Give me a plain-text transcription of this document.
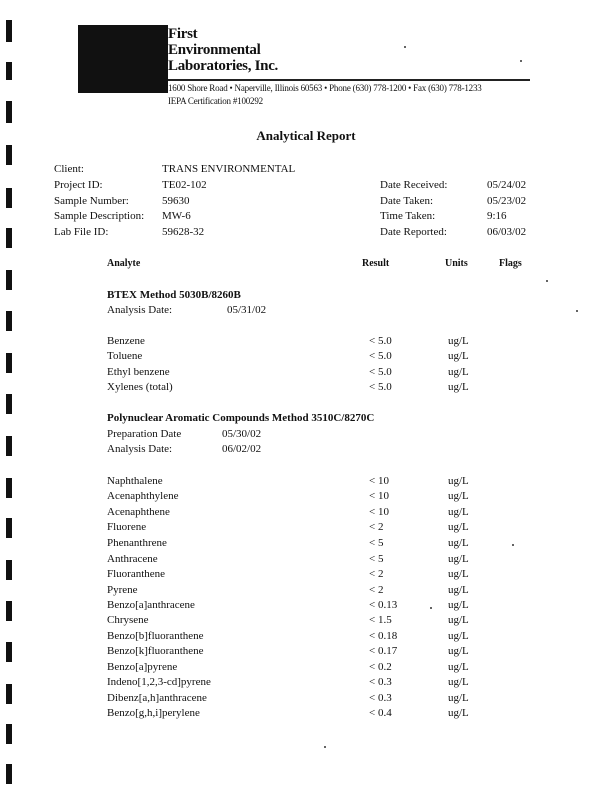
First
Environmental
Laboratories, Inc.
1600 Shore Road • Naperville, Illinois 60563 • Phone (630) 778-1200 • Fax (630) 778-1233
IEPA Certification #100292
Analytical Report
Client:	TRANS ENVIRONMENTAL
Project ID:	TE02-102
Sample Number:	59630
Sample Description: MW-6
Lab File ID:	59628-32
Date Received:	05/24/02
Date Taken:	05/23/02
Time Taken:	9:16
Date Reported:	06/03/02
Analyte	Result	Units	Flags
BTEX Method 5030B/8260B
Analysis Date:	05/31/02
Benzene	< 5.0	ug/L
Toluene	< 5.0	ug/L
Ethyl benzene	< 5.0	ug/L
Xylenes (total)	< 5.0	ug/L
Polynuclear Aromatic Compounds Method 3510C/8270C
Preparation Date	05/30/02
Analysis Date:	06/02/02
Naphthalene	< 10	ug/L
Acenaphthylene	< 10	ug/L
Acenaphthene	< 10	ug/L
Fluorene	< 2	ug/L
Phenanthrene	< 5	ug/L
Anthracene	< 5	ug/L
Fluoranthene	< 2	ug/L
Pyrene	< 2	ug/L
Benzo[a]anthracene	< 0.13	ug/L
Chrysene	< 1.5	ug/L
Benzo[b]fluoranthene	< 0.18	ug/L
Benzo[k]fluoranthene	< 0.17	ug/L
Benzo[a]pyrene	< 0.2	ug/L
Indeno[1,2,3-cd]pyrene	< 0.3	ug/L
Dibenz[a,h]anthracene	< 0.3	ug/L
Benzo[g,h,i]perylene	< 0.4	ug/L
